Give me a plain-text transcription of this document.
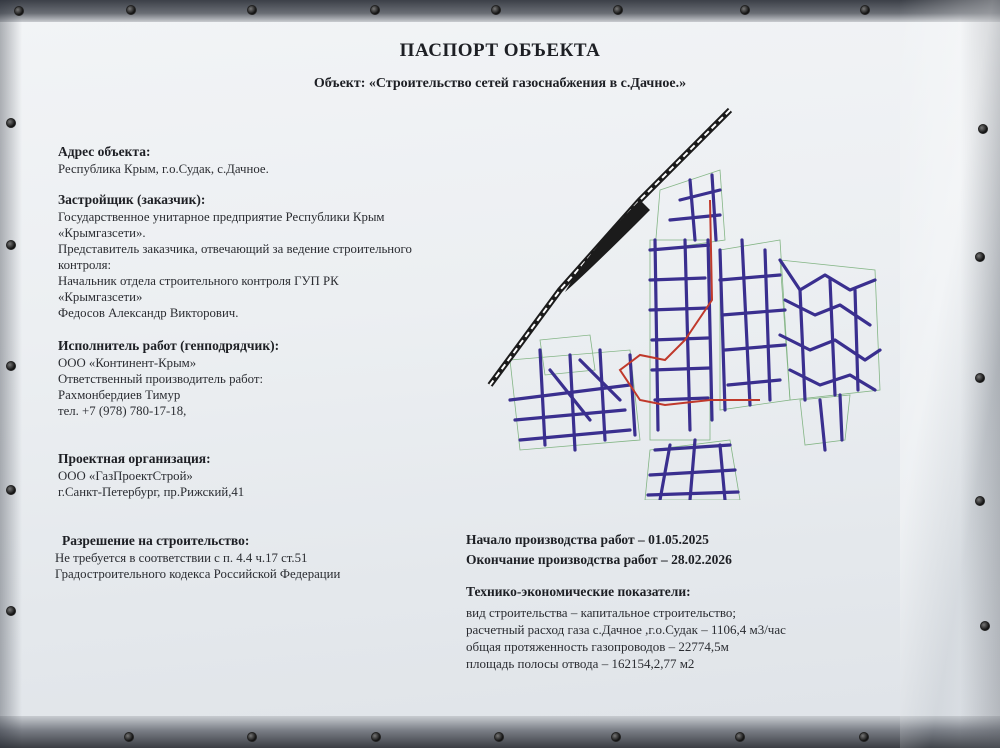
ПАСПОРТ ОБЪЕКТА
Объект: «Строительство сетей газоснабжения в с.Дачное.»
Адрес объекта:
Республика Крым, г.о.Судак, с.Дачное.
Застройщик (заказчик):
Государственное унитарное предприятие Республики Крым
«Крымгазсети».
Представитель заказчика, отвечающий за ведение строительного
контроля:
Начальник отдела строительного контроля ГУП РК
«Крымгазсети»
Федосов Александр Викторович.
Исполнитель работ (генподрядчик):
ООО «Континент-Крым»
Ответственный производитель работ:
Рахмонбердиев Тимур
тел. +7 (978) 780-17-18,
Проектная организация:
ООО «ГазПроектСтрой»
г.Санкт-Петербург, пр.Рижский,41
Разрешение на строительство:
Не требуется в соответствии с п. 4.4 ч.17 ст.51
Градостроительного кодекса Российской Федерации
Начало производства работ – 01.05.2025
Окончание производства работ – 28.02.2026
Технико-экономические показатели:
вид строительства – капитальное строительство;
расчетный расход газа с.Дачное ,г.о.Судак – 1106,4 м3/час
общая протяженность газопроводов – 22774,5м
площадь полосы отвода – 162154,2,77 м2
